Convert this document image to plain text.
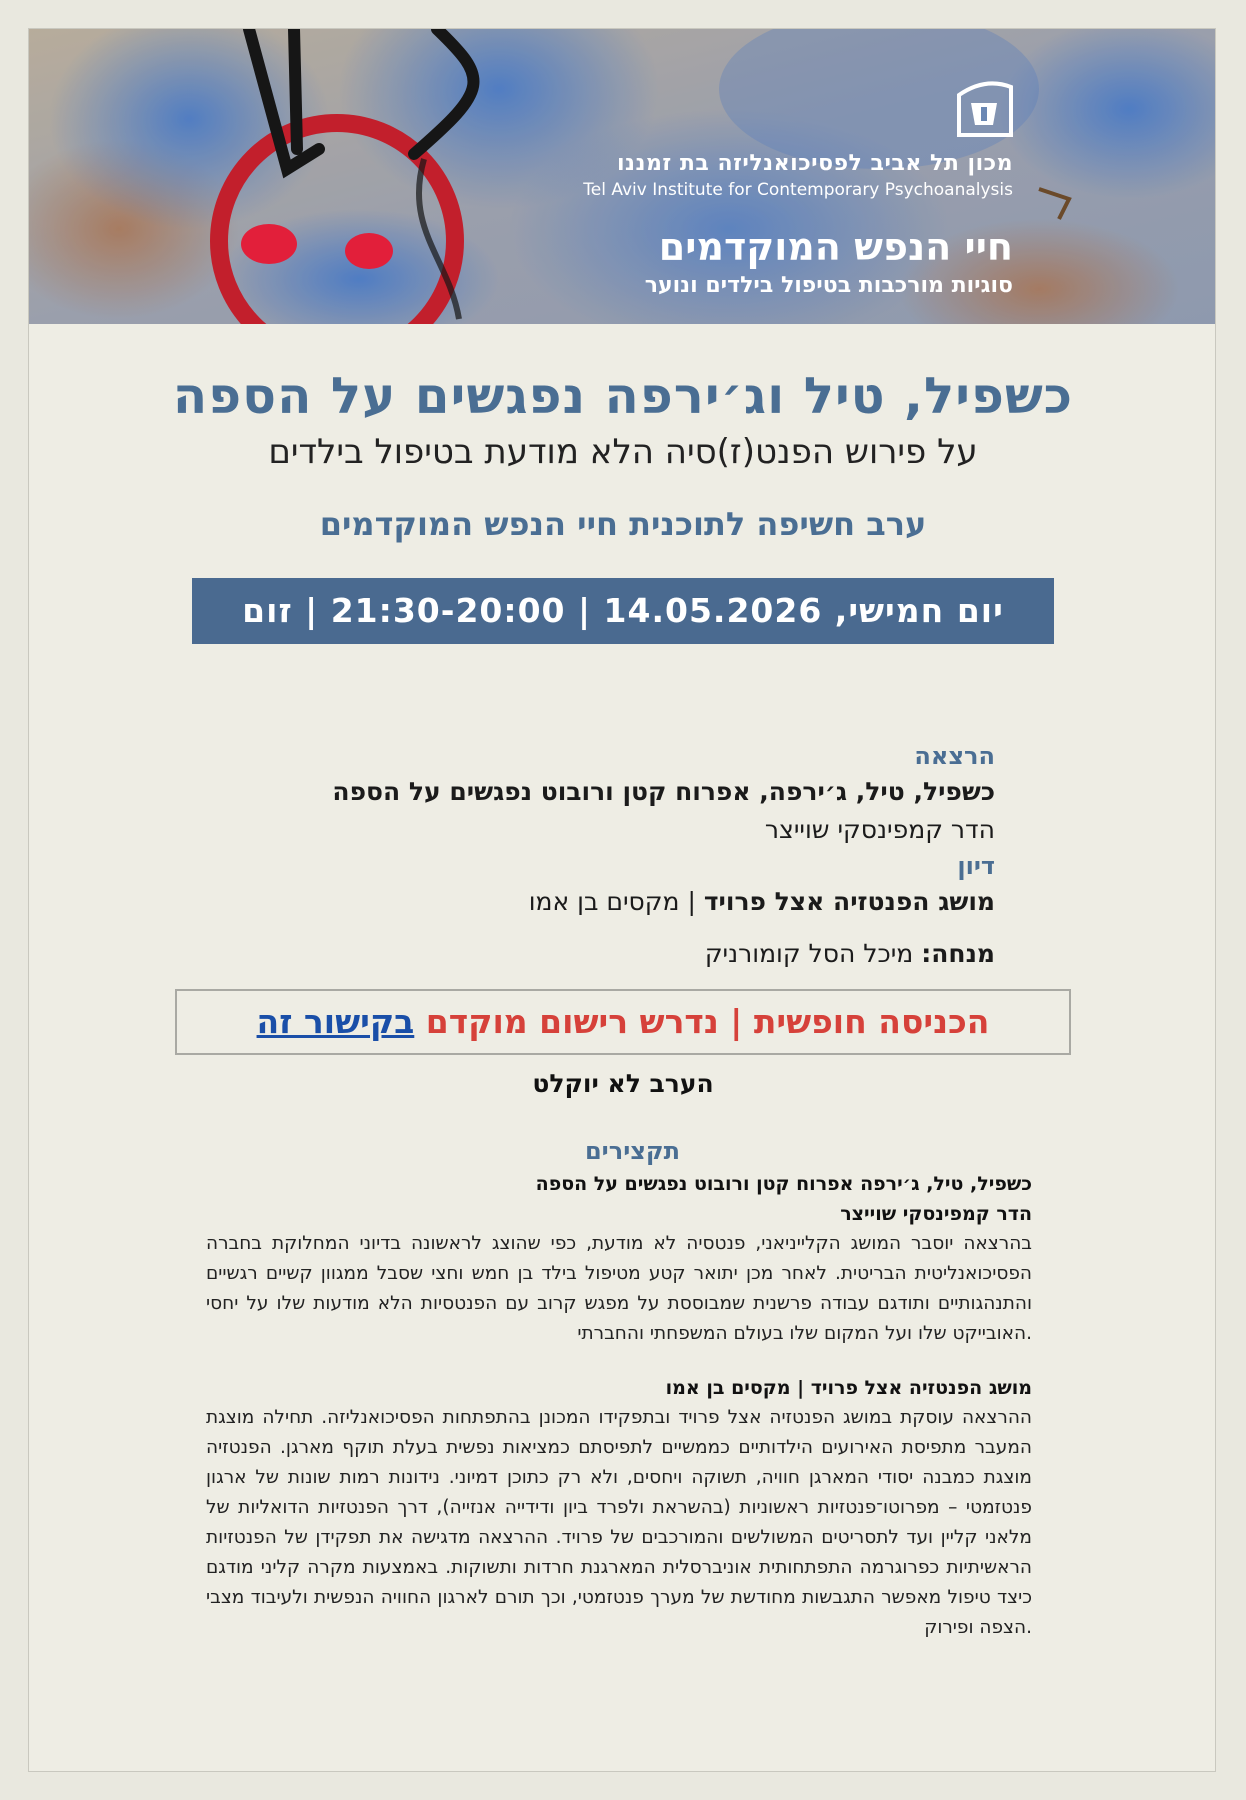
מכון תל אביב לפסיכואנליזה בת זמננו
Tel Aviv Institute for Contemporary Psychoanalysis
חיי הנפש המוקדמים
סוגיות מורכבות בטיפול בילדים ונוער
כשפיל, טיל וג׳ירפה נפגשים על הספה
על פירוש הפנט(ז)סיה הלא מודעת בטיפול בילדים
ערב חשיפה לתוכנית חיי הנפש המוקדמים
יום חמישי, 14.05.2026 | 21:30-20:00 | זום
הרצאה
כשפיל, טיל, ג׳ירפה, אפרוח קטן ורובוט נפגשים על הספה
הדר קמפינסקי שוייצר
דיון
מושג הפנטזיה אצל פרויד | מקסים בן אמו
מנחה: מיכל הסל קומורניק
הכניסה חופשית | נדרש רישום מוקדם בקישור זה
הערב לא יוקלט
תקצירים
כשפיל, טיל, ג׳ירפה אפרוח קטן ורובוט נפגשים על הספה
הדר קמפינסקי שוייצר
בהרצאה יוסבר המושג הקלייניאני, פנטסיה לא מודעת, כפי שהוצג לראשונה בדיוני המחלוקת בחברה הפסיכואנליטית הבריטית. לאחר מכן יתואר קטע מטיפול בילד בן חמש וחצי שסבל ממגוון קשיים רגשיים והתנהגותיים ותודגם עבודה פרשנית שמבוססת על מפגש קרוב עם הפנטסיות הלא מודעות שלו על יחסי האובייקט שלו ועל המקום שלו בעולם המשפחתי והחברתי.
מושג הפנטזיה אצל פרויד | מקסים בן אמו
ההרצאה עוסקת במושג הפנטזיה אצל פרויד ובתפקידו המכונן בהתפתחות הפסיכואנליזה. תחילה מוצגת המעבר מתפיסת האירועים הילדותיים כממשיים לתפיסתם כמציאות נפשית בעלת תוקף מארגן. הפנטזיה מוצגת כמבנה יסודי המארגן חוויה, תשוקה ויחסים, ולא רק כתוכן דמיוני. נידונות רמות שונות של ארגון פנטזמטי – מפרוטו־פנטזיות ראשוניות (בהשראת ולפרד ביון ודידייה אנזייה), דרך הפנטזיות הדואליות של מלאני קליין ועד לתסריטים המשולשים והמורכבים של פרויד. ההרצאה מדגישה את תפקידן של הפנטזיות הראשיתיות כפרוגרמה התפתחותית אוניברסלית המארגנת חרדות ותשוקות. באמצעות מקרה קליני מודגם כיצד טיפול מאפשר התגבשות מחודשת של מערך פנטזמטי, וכך תורם לארגון החוויה הנפשית ולעיבוד מצבי הצפה ופירוק.
